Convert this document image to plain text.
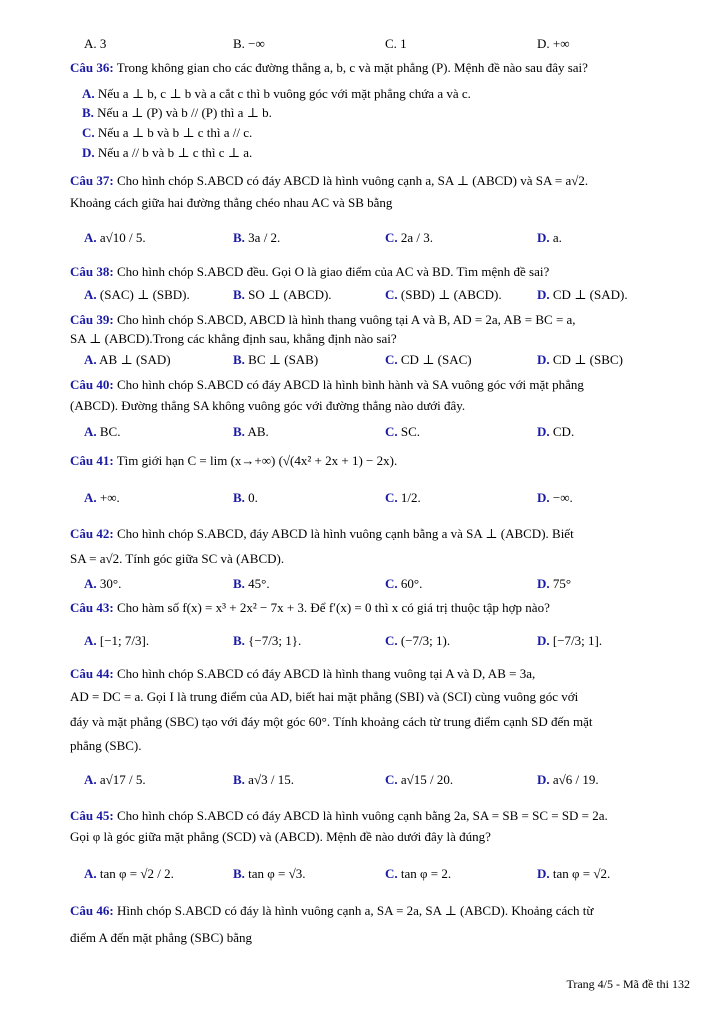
A. 3	B. −∞	C. 1	D. +∞
Câu 36: Trong không gian cho các đường thẳng a, b, c và mặt phẳng (P). Mệnh đề nào sau đây sai?
A. Nếu a ⊥ b, c ⊥ b và a cắt c thì b vuông góc với mặt phẳng chứa a và c.
B. Nếu a ⊥ (P) và b // (P) thì a ⊥ b.
C. Nếu a ⊥ b và b ⊥ c thì a // c.
D. Nếu a // b và b ⊥ c thì c ⊥ a.
Câu 37: Cho hình chóp S.ABCD có đáy ABCD là hình vuông cạnh a, SA ⊥ (ABCD) và SA = a√2.
Khoảng cách giữa hai đường thẳng chéo nhau AC và SB bằng
A. a√10 / 5.	B. 3a / 2.	C. 2a / 3.	D. a.
Câu 38: Cho hình chóp S.ABCD đều. Gọi O là giao điểm của AC và BD. Tìm mệnh đề sai?
A. (SAC) ⊥ (SBD).	B. SO ⊥ (ABCD).	C. (SBD) ⊥ (ABCD).	D. CD ⊥ (SAD).
Câu 39: Cho hình chóp S.ABCD, ABCD là hình thang vuông tại A và B, AD = 2a, AB = BC = a,
SA ⊥ (ABCD).Trong các khẳng định sau, khẳng định nào sai?
A. AB ⊥ (SAD)	B. BC ⊥ (SAB)	C. CD ⊥ (SAC)	D. CD ⊥ (SBC)
Câu 40: Cho hình chóp S.ABCD có đáy ABCD là hình bình hành và SA vuông góc với mặt phẳng
(ABCD). Đường thẳng SA không vuông góc với đường thẳng nào dưới đây.
A. BC.	B. AB.	C. SC.	D. CD.
Câu 41: Tìm giới hạn C = lim (x→+∞) (√(4x² + 2x + 1) − 2x).
A. +∞.	B. 0.	C. 1/2.	D. −∞.
Câu 42: Cho hình chóp S.ABCD, đáy ABCD là hình vuông cạnh bằng a và SA ⊥ (ABCD). Biết
SA = a√2. Tính góc giữa SC và (ABCD).
A. 30°.	B. 45°.	C. 60°.	D. 75°
Câu 43: Cho hàm số f(x) = x³ + 2x² − 7x + 3. Để f′(x) = 0 thì x có giá trị thuộc tập hợp nào?
A. [−1; 7/3].	B. {−7/3; 1}.	C. (−7/3; 1).	D. [−7/3; 1].
Câu 44: Cho hình chóp S.ABCD có đáy ABCD là hình thang vuông tại A và D, AB = 3a,
AD = DC = a. Gọi I là trung điểm của AD, biết hai mặt phẳng (SBI) và (SCI) cùng vuông góc với
đáy và mặt phẳng (SBC) tạo với đáy một góc 60°. Tính khoảng cách từ trung điểm cạnh SD đến mặt
phẳng (SBC).
A. a√17 / 5.	B. a√3 / 15.	C. a√15 / 20.	D. a√6 / 19.
Câu 45: Cho hình chóp S.ABCD có đáy ABCD là hình vuông cạnh bằng 2a, SA = SB = SC = SD = 2a.
Gọi φ là góc giữa mặt phẳng (SCD) và (ABCD). Mệnh đề nào dưới đây là đúng?
A. tan φ = √2 / 2.	B. tan φ = √3.	C. tan φ = 2.	D. tan φ = √2.
Câu 46: Hình chóp S.ABCD có đáy là hình vuông cạnh a, SA = 2a, SA ⊥ (ABCD). Khoảng cách từ
điểm A đến mặt phẳng (SBC) bằng
Trang 4/5 - Mã đề thi 132
